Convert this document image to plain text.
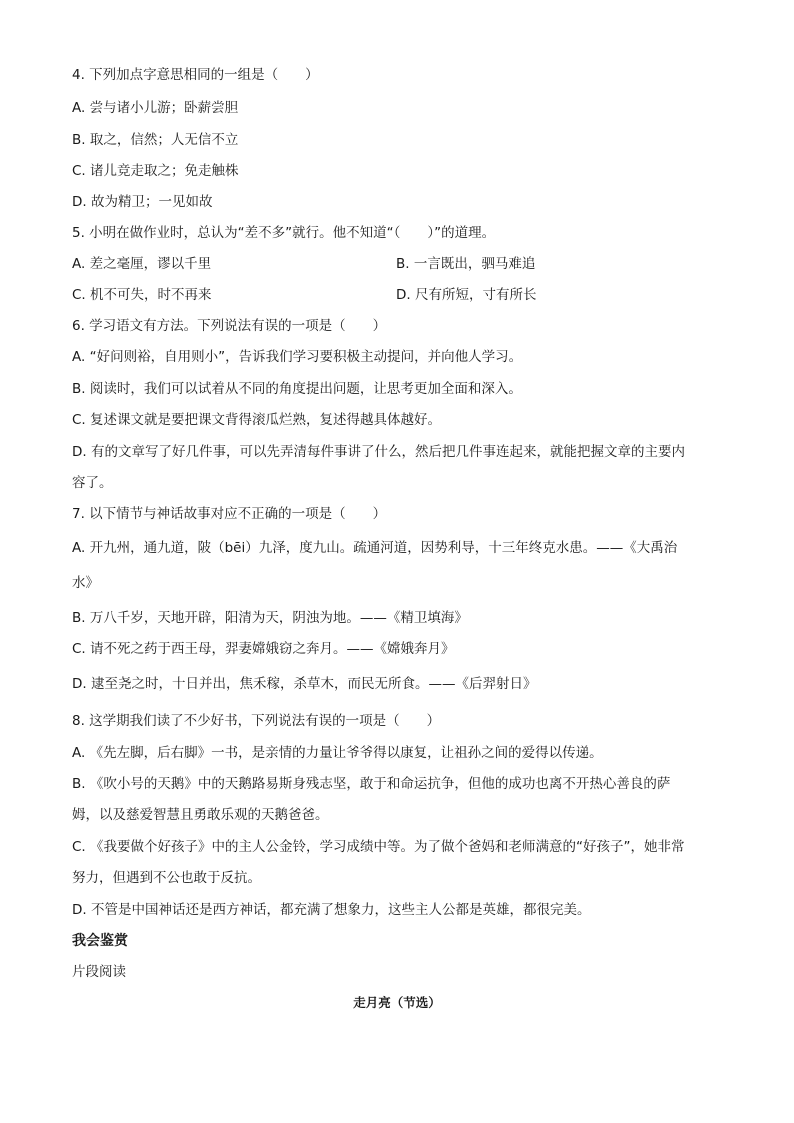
4. 下列加点字意思相同的一组是（　　）
A. 尝与诸小儿游；卧薪尝胆
B. 取之，信然；人无信不立
C. 诸儿竞走取之；免走触株
D. 故为精卫；一见如故
5. 小明在做作业时，总认为“差不多”就行。他不知道“（　　）”的道理。
A. 差之毫厘，谬以千里	B. 一言既出，驷马难追
C. 机不可失，时不再来	D. 尺有所短，寸有所长
6. 学习语文有方法。下列说法有误的一项是（　　）
A. “好问则裕，自用则小”，告诉我们学习要积极主动提问，并向他人学习。
B. 阅读时，我们可以试着从不同的角度提出问题，让思考更加全面和深入。
C. 复述课文就是要把课文背得滚瓜烂熟，复述得越具体越好。
D. 有的文章写了好几件事，可以先弄清每件事讲了什么，然后把几件事连起来，就能把握文章的主要内
容了。
7. 以下情节与神话故事对应不正确的一项是（　　）
A. 开九州，通九道，陂（bēi）九泽，度九山。疏通河道，因势利导，十三年终克水患。——《大禹治
水》
B. 万八千岁，天地开辟，阳清为天，阴浊为地。——《精卫填海》
C. 请不死之药于西王母，羿妻嫦娥窃之奔月。——《嫦娥奔月》
D. 逮至尧之时，十日并出，焦禾稼，杀草木，而民无所食。——《后羿射日》
8. 这学期我们读了不少好书，下列说法有误的一项是（　　）
A. 《先左脚，后右脚》一书，是亲情的力量让爷爷得以康复，让祖孙之间的爱得以传递。
B. 《吹小号的天鹅》中的天鹅路易斯身残志坚，敢于和命运抗争，但他的成功也离不开热心善良的萨
姆，以及慈爱智慧且勇敢乐观的天鹅爸爸。
C. 《我要做个好孩子》中的主人公金铃，学习成绩中等。为了做个爸妈和老师满意的“好孩子”，她非常
努力，但遇到不公也敢于反抗。
D. 不管是中国神话还是西方神话，都充满了想象力，这些主人公都是英雄，都很完美。
我会鉴赏
片段阅读
走月亮（节选）
